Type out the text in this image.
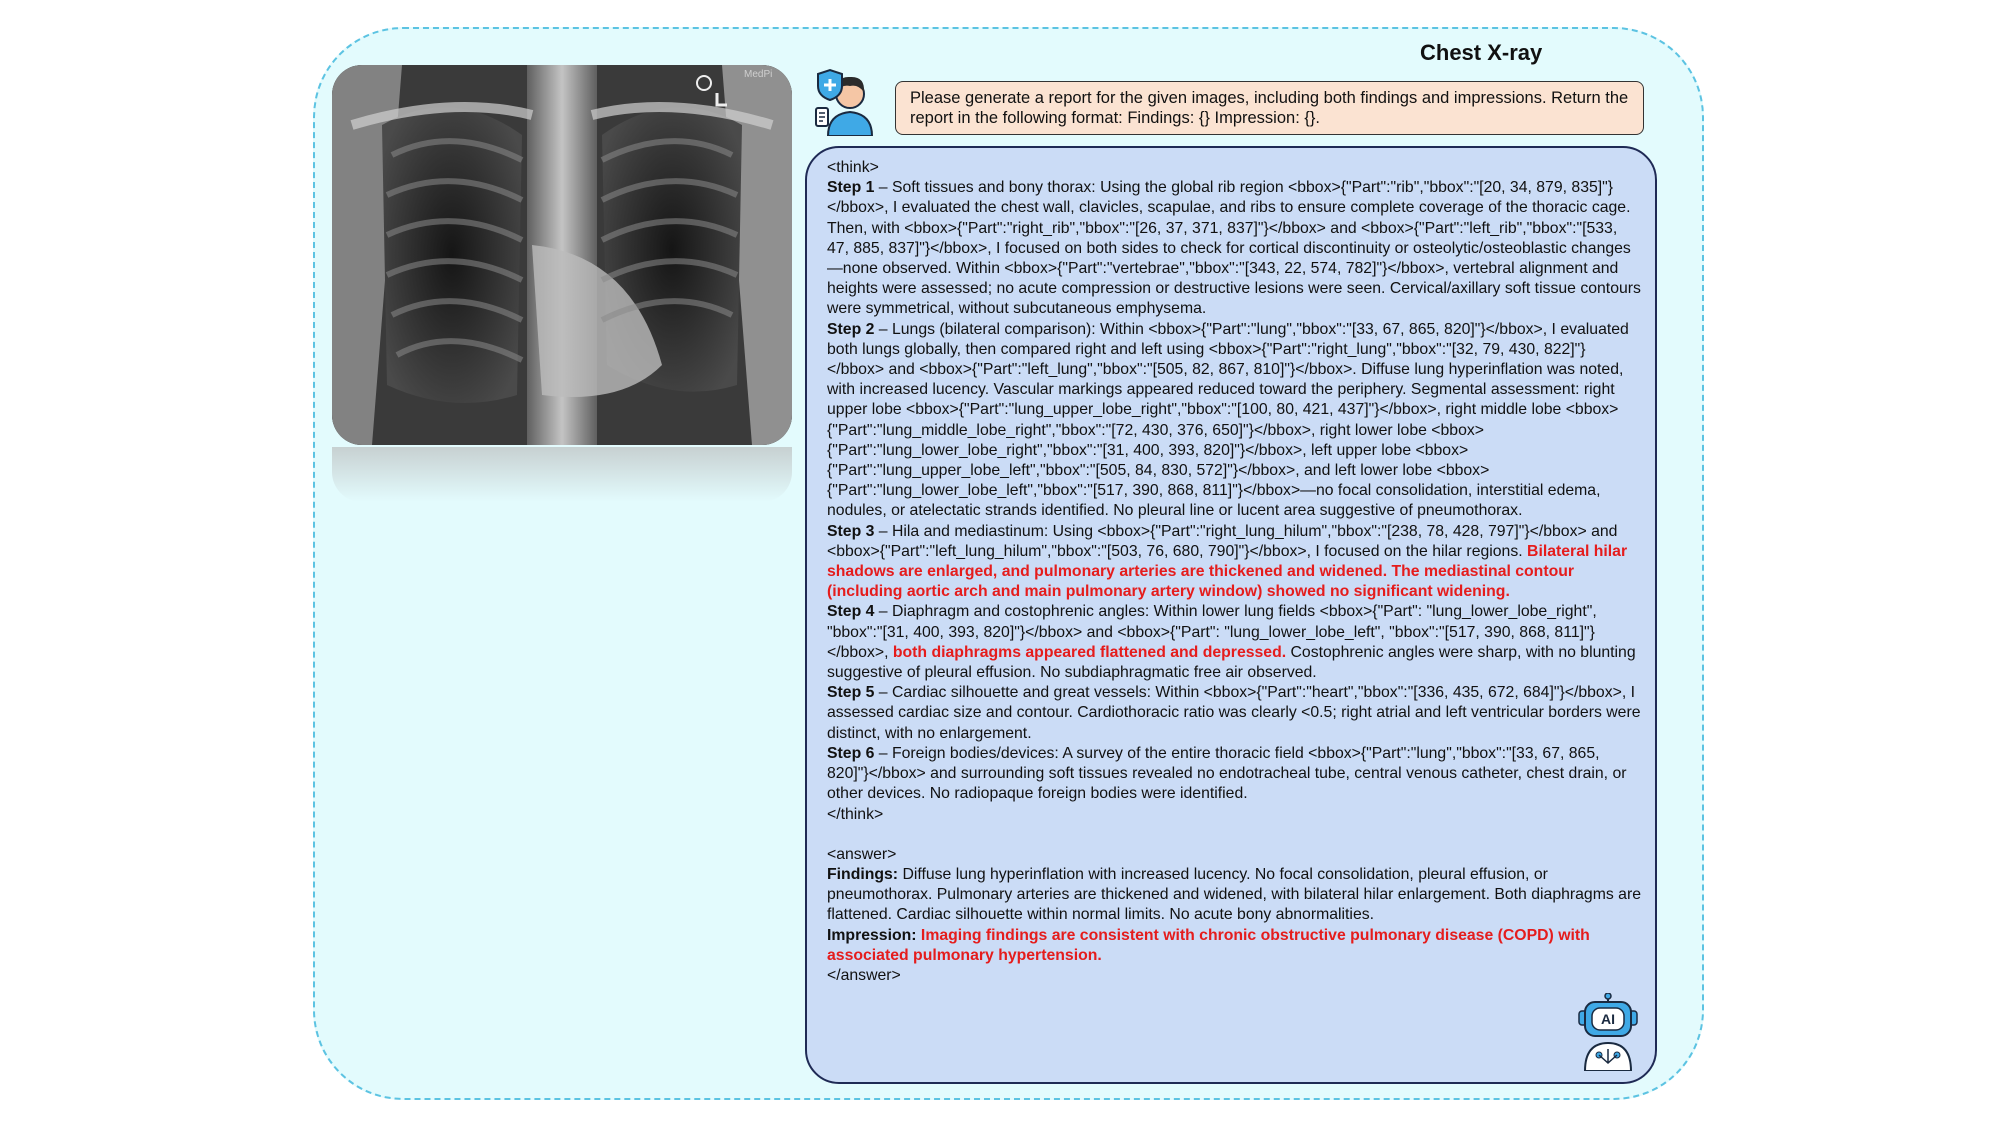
Chest X-ray
MedPi
Please generate a report for the given images, including both findings and impressions. Return the report in the following format: Findings: {} Impression: {}.

<think>

Step 1 – Soft tissues and bony thorax: Using the global rib region <bbox>{"Part":"rib","bbox":"[20, 34, 879, 835]"}</bbox>, I evaluated the chest wall, clavicles, scapulae, and ribs to ensure complete coverage of the thoracic cage. Then, with <bbox>{"Part":"right_rib","bbox":"[26, 37, 371, 837]"}</bbox> and <bbox>{"Part":"left_rib","bbox":"[533, 47, 885, 837]"}</bbox>, I focused on both sides to check for cortical discontinuity or osteolytic/osteoblastic changes—none observed. Within <bbox>{"Part":"vertebrae","bbox":"[343, 22, 574, 782]"}</bbox>, vertebral alignment and heights were assessed; no acute compression or destructive lesions were seen. Cervical/axillary soft tissue contours were symmetrical, without subcutaneous emphysema.

Step 2 – Lungs (bilateral comparison): Within <bbox>{"Part":"lung","bbox":"[33, 67, 865, 820]"}</bbox>, I evaluated both lungs globally, then compared right and left using <bbox>{"Part":"right_lung","bbox":"[32, 79, 430, 822]"}</bbox> and <bbox>{"Part":"left_lung","bbox":"[505, 82, 867, 810]"}</bbox>. Diffuse lung hyperinflation was noted, with increased lucency. Vascular markings appeared reduced toward the periphery. Segmental assessment: right upper lobe <bbox>{"Part":"lung_upper_lobe_right","bbox":"[100, 80, 421, 437]"}</bbox>, right middle lobe <bbox>{"Part":"lung_middle_lobe_right","bbox":"[72, 430, 376, 650]"}</bbox>, right lower lobe <bbox>{"Part":"lung_lower_lobe_right","bbox":"[31, 400, 393, 820]"}</bbox>, left upper lobe <bbox>{"Part":"lung_upper_lobe_left","bbox":"[505, 84, 830, 572]"}</bbox>, and left lower lobe <bbox>{"Part":"lung_lower_lobe_left","bbox":"[517, 390, 868, 811]"}</bbox>—no focal consolidation, interstitial edema, nodules, or atelectatic strands identified. No pleural line or lucent area suggestive of pneumothorax.

Step 3 – Hila and mediastinum: Using <bbox>{"Part":"right_lung_hilum","bbox":"[238, 78, 428, 797]"}</bbox> and <bbox>{"Part":"left_lung_hilum","bbox":"[503, 76, 680, 790]"}</bbox>, I focused on the hilar regions. Bilateral hilar shadows are enlarged, and pulmonary arteries are thickened and widened. The mediastinal contour (including aortic arch and main pulmonary artery window) showed no significant widening.

Step 4 – Diaphragm and costophrenic angles: Within lower lung fields <bbox>{"Part": "lung_lower_lobe_right", "bbox":"[31, 400, 393, 820]"}</bbox> and <bbox>{"Part": "lung_lower_lobe_left", "bbox":"[517, 390, 868, 811]"}</bbox>, both diaphragms appeared flattened and depressed. Costophrenic angles were sharp, with no blunting suggestive of pleural effusion. No subdiaphragmatic free air observed.

Step 5 – Cardiac silhouette and great vessels: Within <bbox>{"Part":"heart","bbox":"[336, 435, 672, 684]"}</bbox>, I assessed cardiac size and contour. Cardiothoracic ratio was clearly <0.5; right atrial and left ventricular borders were distinct, with no enlargement.

Step 6 – Foreign bodies/devices: A survey of the entire thoracic field <bbox>{"Part":"lung","bbox":"[33, 67, 865, 820]"}</bbox> and surrounding soft tissues revealed no endotracheal tube, central venous catheter, chest drain, or other devices. No radiopaque foreign bodies were identified.

</think>

<answer>

Findings: Diffuse lung hyperinflation with increased lucency. No focal consolidation, pleural effusion, or pneumothorax. Pulmonary arteries are thickened and widened, with bilateral hilar enlargement. Both diaphragms are flattened. Cardiac silhouette within normal limits. No acute bony abnormalities.

Impression: Imaging findings are consistent with chronic obstructive pulmonary disease (COPD) with associated pulmonary hypertension.

</answer>

AI
